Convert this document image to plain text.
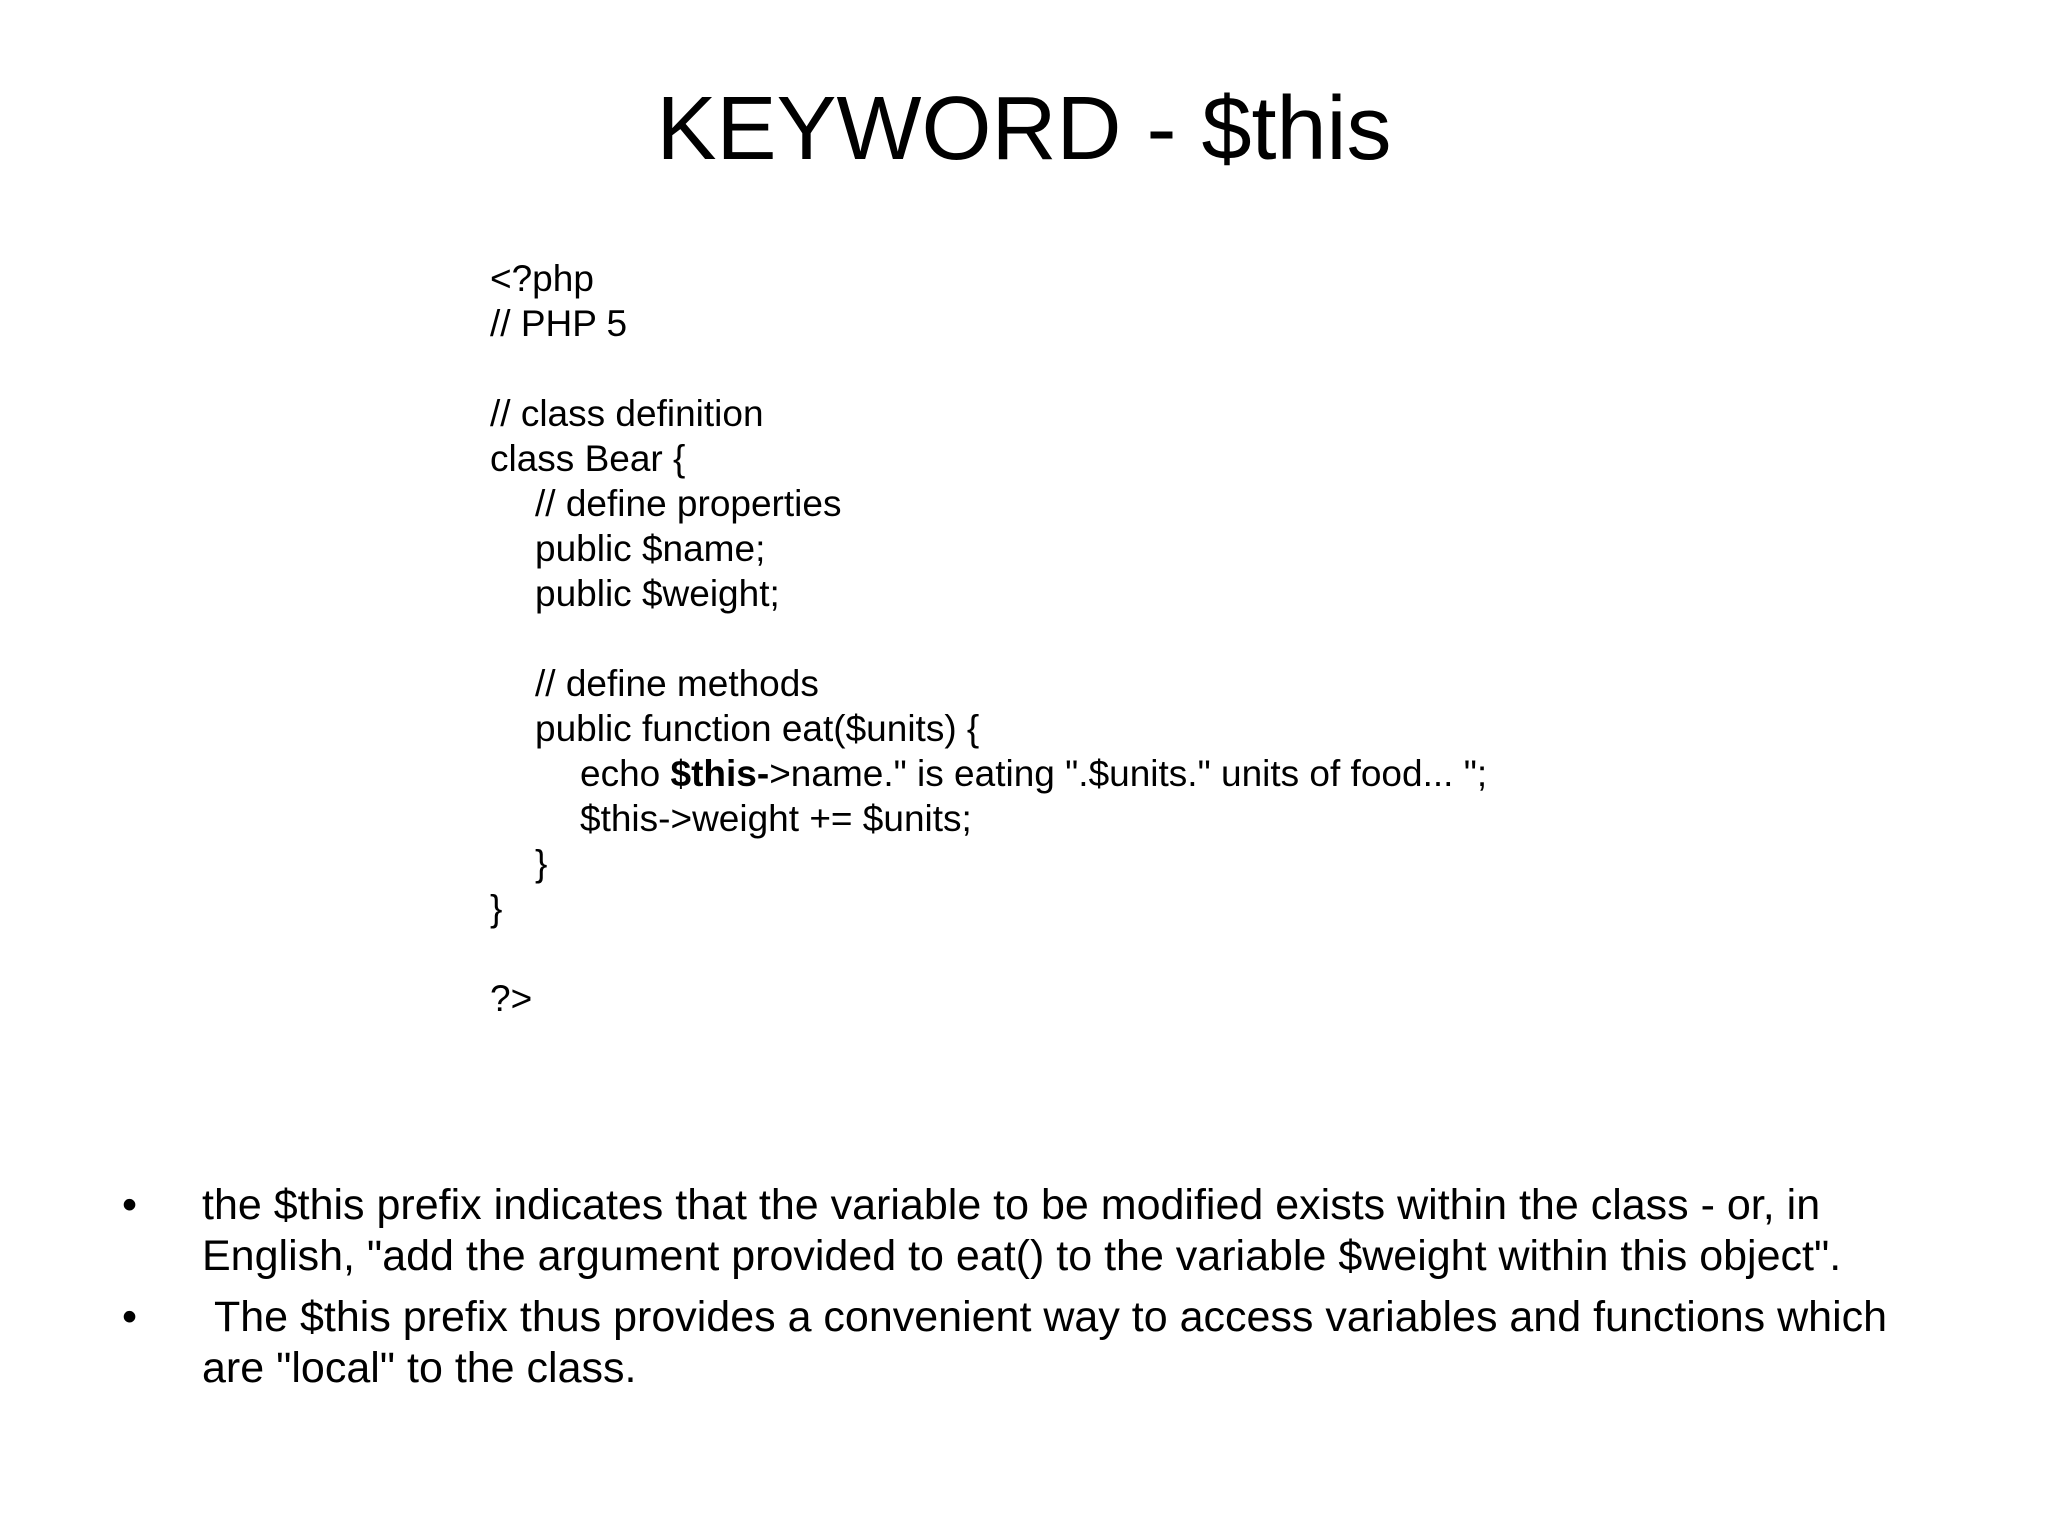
KEYWORD - $this
<?php
// PHP 5
// class definition
class Bear {
// define properties
public $name;
public $weight;
// define methods
public function eat($units) {
echo $this->name." is eating ".$units." units of food... ";
$this->weight += $units;
}
}
?>
• the $this prefix indicates that the variable to be modified exists within the class - or, in English, "add the argument provided to eat() to the variable $weight within this object".
• The $this prefix thus provides a convenient way to access variables and functions which are "local" to the class.
